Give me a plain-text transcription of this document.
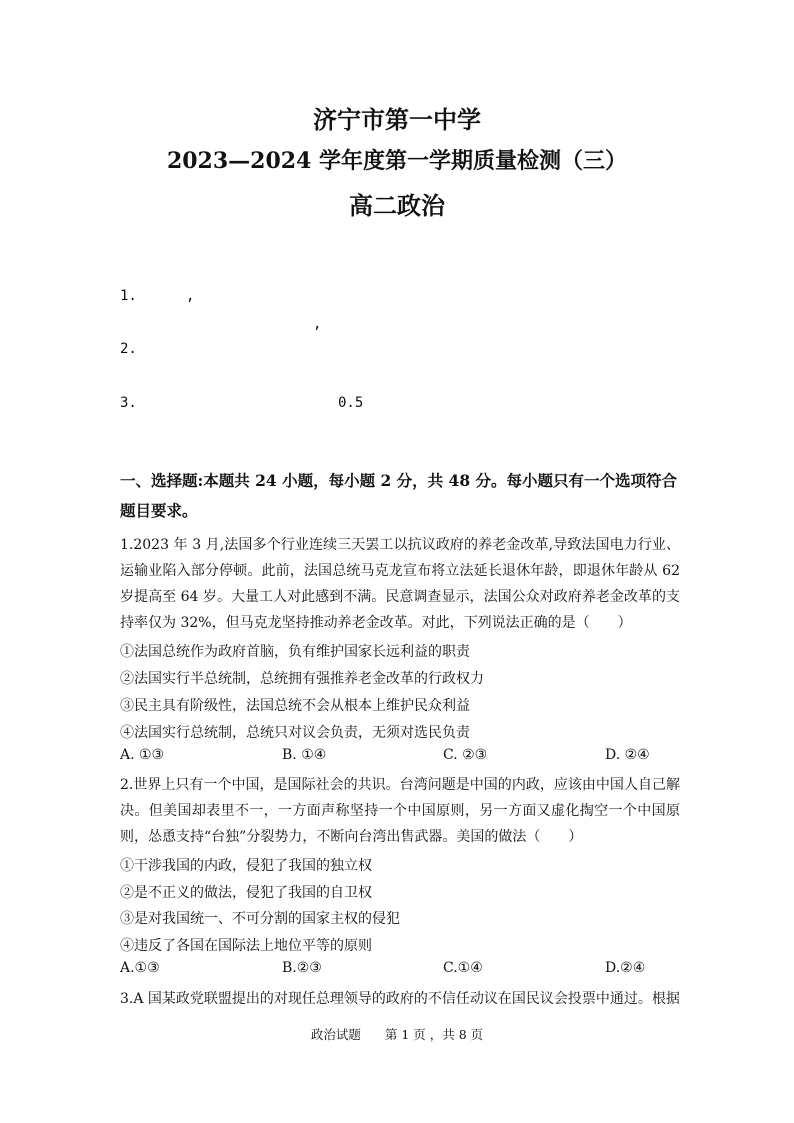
济宁市第一中学
2023—2024 学年度第一学期质量检测（三）
高二政治
1.	,
,
2.
3.	0.5
一、选择题:本题共 24 小题，每小题 2 分，共 48 分。每小题只有一个选项符合题目要求。
1.2023 年 3 月,法国多个行业连续三天罢工以抗议政府的养老金改革,导致法国电力行业、运输业陷入部分停顿。此前，法国总统马克龙宣布将立法延长退休年龄，即退休年龄从 62 岁提高至 64 岁。大量工人对此感到不满。民意调查显示，法国公众对政府养老金改革的支持率仅为 32%，但马克龙坚持推动养老金改革。对此，下列说法正确的是（　　）
①法国总统作为政府首脑，负有维护国家长远利益的职责
②法国实行半总统制，总统拥有强推养老金改革的行政权力
③民主具有阶级性，法国总统不会从根本上维护民众利益
④法国实行总统制，总统只对议会负责，无须对选民负责
A. ①③	B. ①④	C. ②③	D. ②④
2.世界上只有一个中国，是国际社会的共识。台湾问题是中国的内政，应该由中国人自己解决。但美国却表里不一，一方面声称坚持一个中国原则，另一方面又虚化掏空一个中国原则，怂恿支持“台独”分裂势力，不断向台湾出售武器。美国的做法（　　）
①干涉我国的内政，侵犯了我国的独立权
②是不正义的做法，侵犯了我国的自卫权
③是对我国统一、不可分割的国家主权的侵犯
④违反了各国在国际法上地位平等的原则
A.①③	B.②③	C.①④	D.②④
3.A 国某政党联盟提出的对现任总理领导的政府的不信任动议在国民议会投票中通过。根据
政治试题 第 1 页 ，共 8 页
